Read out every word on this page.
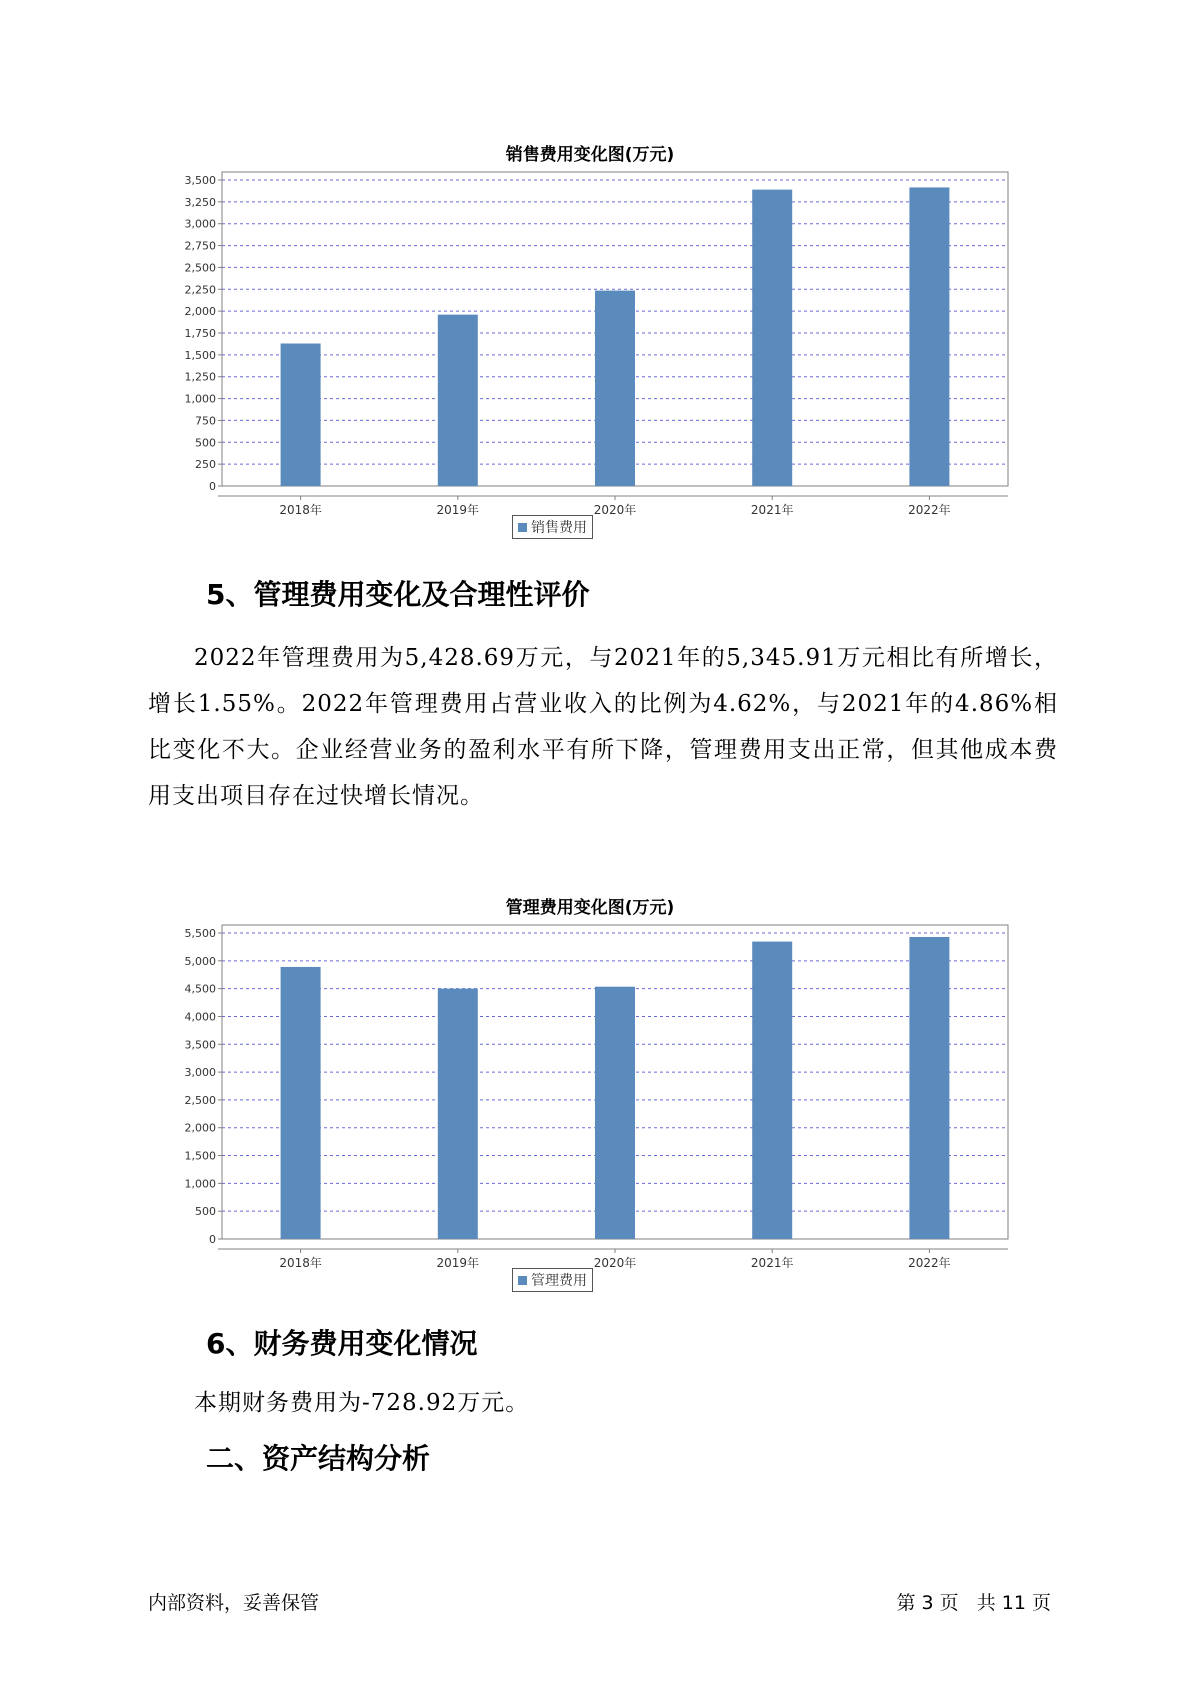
销售费用变化图(万元)
0
250
500
750
1,000
1,250
1,500
1,750
2,000
2,250
2,500
2,750
3,000
3,250
3,500
2018年	2019年	2020年	2021年	2022年
销售费用
5、管理费用变化及合理性评价
2022年管理费用为5,428.69万元，与2021年的5,345.91万元相比有所增长，增长1.55%。2022年管理费用占营业收入的比例为4.62%，与2021年的4.86%相比变化不大。企业经营业务的盈利水平有所下降，管理费用支出正常，但其他成本费用支出项目存在过快增长情况。
管理费用变化图(万元)
0
500
1,000
1,500
2,000
2,500
3,000
3,500
4,000
4,500
5,000
5,500
2018年	2019年	2020年	2021年	2022年
管理费用
6、财务费用变化情况
本期财务费用为-728.92万元。
二、资产结构分析
内部资料，妥善保管	第 3 页   共 11 页
